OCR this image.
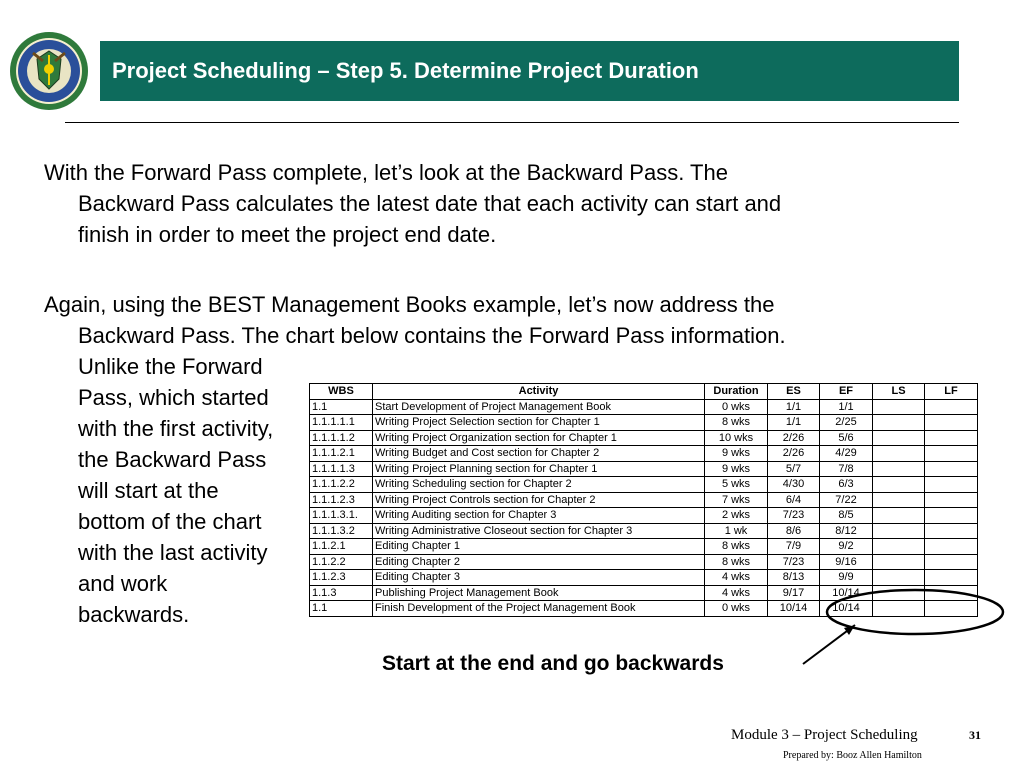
Project Scheduling – Step 5. Determine Project Duration
With the Forward Pass complete, let’s look at the Backward Pass. The
Backward Pass calculates the latest date that each activity can start and
finish in order to meet the project end date.
Again, using the BEST Management Books example, let’s now address the
Backward Pass. The chart below contains the Forward Pass information.
Unlike the Forward
Pass, which started
with the first activity,
the Backward Pass
will start at the
bottom of the chart
with the last activity
and work
backwards.
WBS	Activity	Duration	ES	EF	LS	LF
1.1	Start Development of Project Management Book	0 wks	1/1	1/1		
1.1.1.1.1	Writing Project Selection section for Chapter 1	8 wks	1/1	2/25		
1.1.1.1.2	Writing Project Organization section for Chapter 1	10 wks	2/26	5/6		
1.1.1.2.1	Writing Budget and Cost section for Chapter 2	9 wks	2/26	4/29		
1.1.1.1.3	Writing Project Planning section for Chapter 1	9 wks	5/7	7/8		
1.1.1.2.2	Writing Scheduling section for Chapter 2	5 wks	4/30	6/3		
1.1.1.2.3	Writing Project Controls section for Chapter 2	7 wks	6/4	7/22		
1.1.1.3.1.	Writing Auditing section for Chapter 3	2 wks	7/23	8/5		
1.1.1.3.2	Writing Administrative Closeout section for Chapter 3	1 wk	8/6	8/12		
1.1.2.1	Editing Chapter 1	8 wks	7/9	9/2		
1.1.2.2	Editing Chapter 2	8 wks	7/23	9/16		
1.1.2.3	Editing Chapter 3	4 wks	8/13	9/9		
1.1.3	Publishing Project Management Book	4 wks	9/17	10/14		
1.1	Finish Development of the Project Management Book	0 wks	10/14	10/14		

Start at the end and go backwards

Module 3 – Project Scheduling	31
Prepared by: Booz Allen Hamilton
